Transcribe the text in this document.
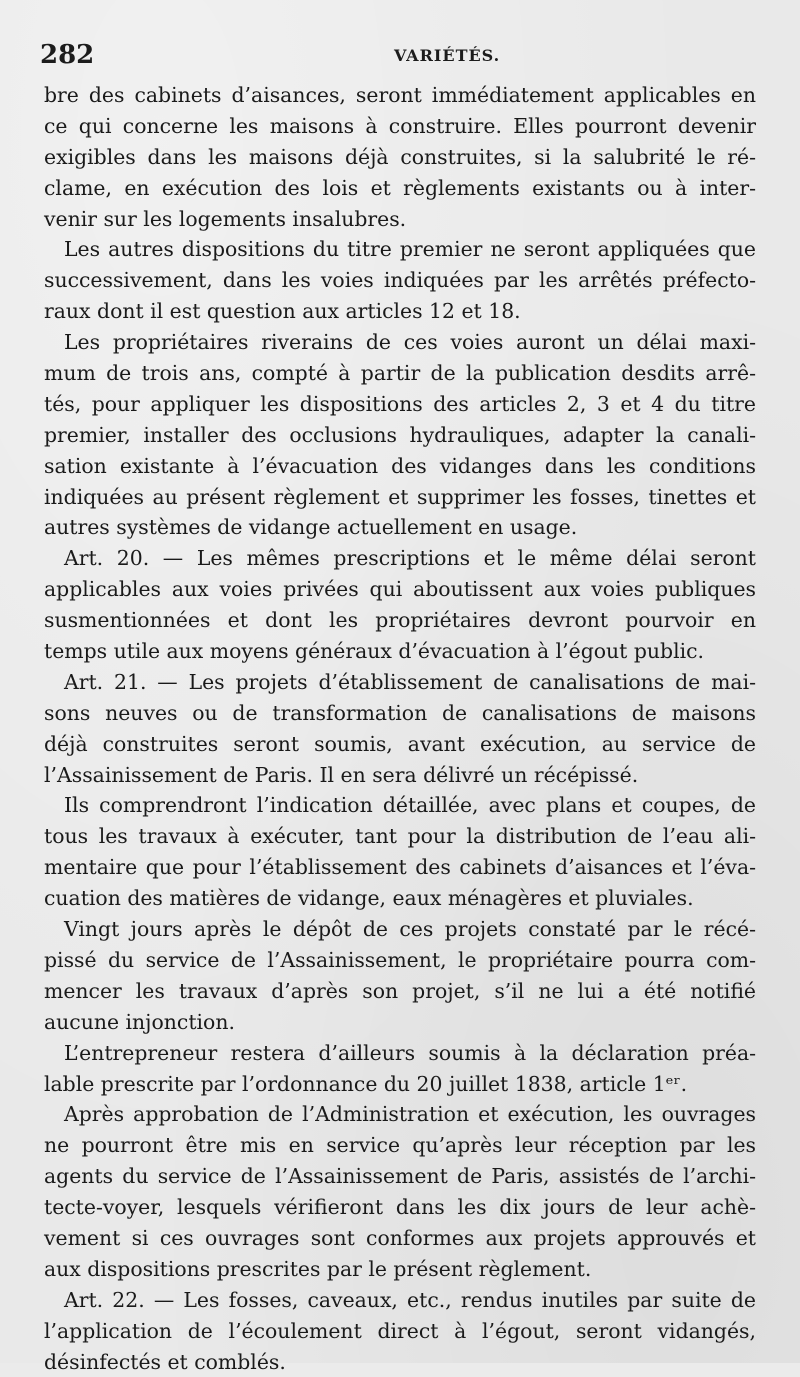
282	VARIÉTÉS.
bre des cabinets d’aisances, seront immédiatement applicables en
ce qui concerne les maisons à construire. Elles pourront devenir
exigibles dans les maisons déjà construites, si la salubrité le ré-
clame, en exécution des lois et règlements existants ou à inter-
venir sur les logements insalubres.
Les autres dispositions du titre premier ne seront appliquées que
successivement, dans les voies indiquées par les arrêtés préfecto-
raux dont il est question aux articles 12 et 18.
Les propriétaires riverains de ces voies auront un délai maxi-
mum de trois ans, compté à partir de la publication desdits arrê-
tés, pour appliquer les dispositions des articles 2, 3 et 4 du titre
premier, installer des occlusions hydrauliques, adapter la canali-
sation existante à l’évacuation des vidanges dans les conditions
indiquées au présent règlement et supprimer les fosses, tinettes et
autres systèmes de vidange actuellement en usage.
Art. 20. — Les mêmes prescriptions et le même délai seront
applicables aux voies privées qui aboutissent aux voies publiques
susmentionnées et dont les propriétaires devront pourvoir en
temps utile aux moyens généraux d’évacuation à l’égout public.
Art. 21. — Les projets d’établissement de canalisations de mai-
sons neuves ou de transformation de canalisations de maisons
déjà construites seront soumis, avant exécution, au service de
l’Assainissement de Paris. Il en sera délivré un récépissé.
Ils comprendront l’indication détaillée, avec plans et coupes, de
tous les travaux à exécuter, tant pour la distribution de l’eau ali-
mentaire que pour l’établissement des cabinets d’aisances et l’éva-
cuation des matières de vidange, eaux ménagères et pluviales.
Vingt jours après le dépôt de ces projets constaté par le récé-
pissé du service de l’Assainissement, le propriétaire pourra com-
mencer les travaux d’après son projet, s’il ne lui a été notifié
aucune injonction.
L’entrepreneur restera d’ailleurs soumis à la déclaration préa-
lable prescrite par l’ordonnance du 20 juillet 1838, article 1ᵉʳ.
Après approbation de l’Administration et exécution, les ouvrages
ne pourront être mis en service qu’après leur réception par les
agents du service de l’Assainissement de Paris, assistés de l’archi-
tecte-voyer, lesquels vérifieront dans les dix jours de leur achè-
vement si ces ouvrages sont conformes aux projets approuvés et
aux dispositions prescrites par le présent règlement.
Art. 22. — Les fosses, caveaux, etc., rendus inutiles par suite de
l’application de l’écoulement direct à l’égout, seront vidangés,
désinfectés et comblés.
